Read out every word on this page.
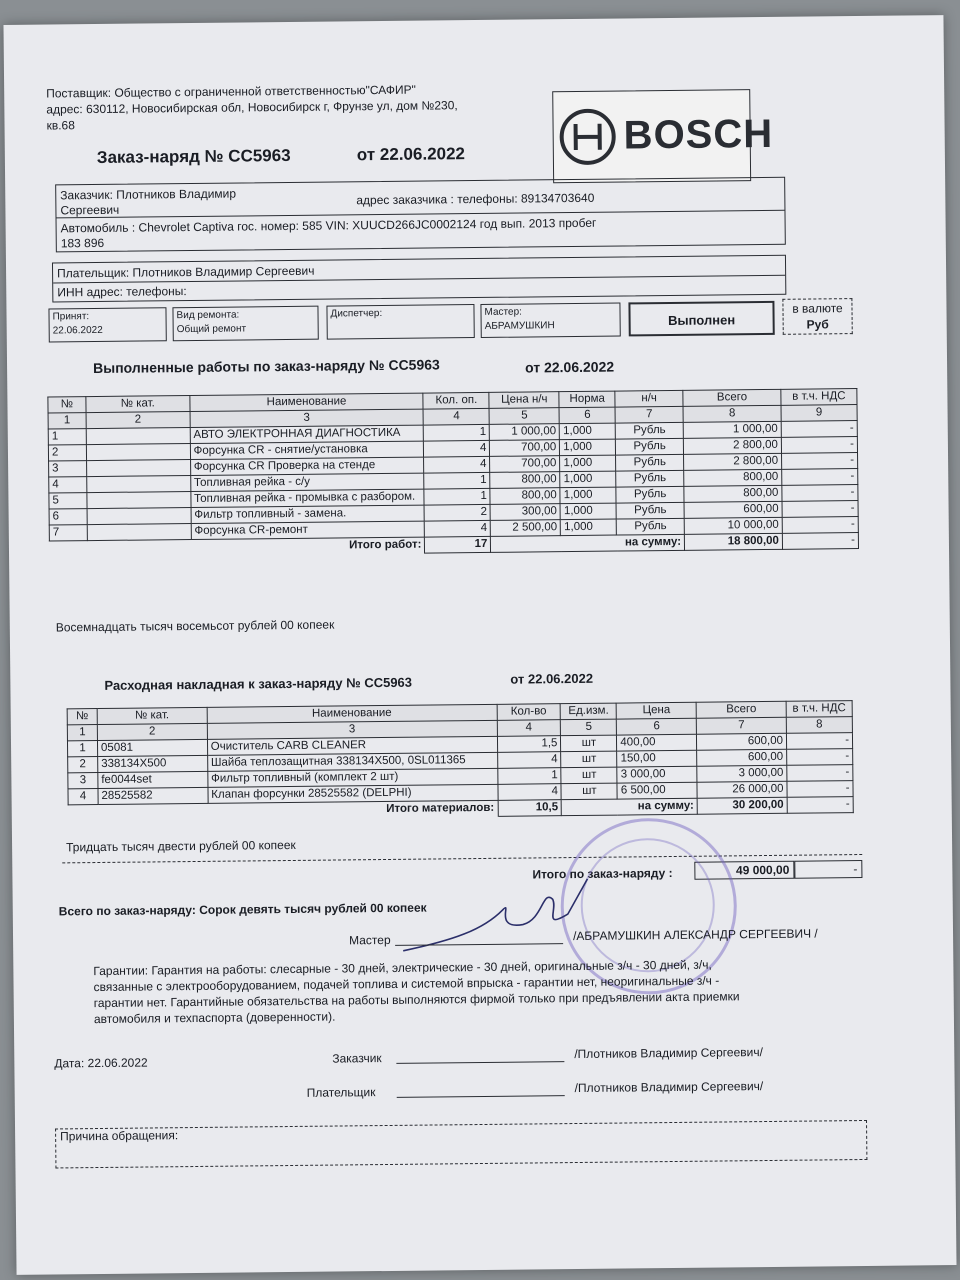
Поставщик: Общество с ограниченной ответственностью"САФИР"
адрес: 630112, Новосибирская обл, Новосибирск г, Фрунзе ул, дом №230,
кв.68	BOSCH
Заказ-наряд № СС5963	от 22.06.2022
Заказчик: Плотников Владимир
Сергеевич
адрес заказчика : телефоны: 89134703640
Автомобиль : Chevrolet Captiva гос. номер: 585 VIN: XUUCD266JC0002124 год вып. 2013 пробег
183 896
Плательщик: Плотников Владимир Сергеевич
ИНН адрес: телефоны:
Принят:
22.06.2022
Вид ремонта:
Общий ремонт
Диспетчер:	Мастер:
АБРАМУШКИН	Выполнен
в валюте
Руб
Выполненные работы по заказ-наряду № СС5963	от 22.06.2022
№	№ кат.	Наименование	Кол. оп.	Цена н/ч	Норма	н/ч	Всего	в т.ч. НДС
1	2	3	4	5	6	7	8	9
1		АВТО ЭЛЕКТРОННАЯ ДИАГНОСТИКА	1	1 000,00	1,000	Рубль	1 000,00	-
2		Форсунка CR - снятие/установка	4	700,00	1,000	Рубль	2 800,00	-
3		Форсунка CR Проверка на стенде	4	700,00	1,000	Рубль	2 800,00	-
4		Топливная рейка - с/у	1	800,00	1,000	Рубль	800,00	-
5		Топливная рейка - промывка с разбором.	1	800,00	1,000	Рубль	800,00	-
6		Фильтр топливный - замена.	2	300,00	1,000	Рубль	600,00	-
7		Форсунка CR-ремонт	4	2 500,00	1,000	Рубль	10 000,00	-
Итого работ:			17	на сумму:			18 800,00	-
Восемнадцать тысяч восемьсот рублей 00 копеек
Расходная накладная к заказ-наряду № СС5963	от 22.06.2022
№	№ кат.	Наименование	Кол-во	Ед.изм.	Цена	Всего	в т.ч. НДС
1	2	3	4	5	6	7	8
1	05081	Очиститель CARB CLEANER	1,5	шт	400,00	600,00	-
2	338134X500	Шайба теплозащитная 338134X500, 0SL011365	4	шт	150,00	600,00	-
3	fe0044set	Фильтр топливный (комплект 2 шт)	1	шт	3 000,00	3 000,00	-
4	28525582	Клапан форсунки 28525582 (DELPHI)	4	шт	6 500,00	26 000,00	-
Итого материалов:			10,5	на сумму:		30 200,00	-
Тридцать тысяч двести рублей 00 копеек
Итого по заказ-наряду :	49 000,00	-
Всего по заказ-наряду: Сорок девять тысяч рублей 00 копеек
Мастер	/АБРАМУШКИН АЛЕКСАНДР СЕРГЕЕВИЧ /
Гарантии: Гарантия на работы: слесарные - 30 дней, электрические - 30 дней, оригинальные з/ч - 30 дней, з/ч,
связанные с электрооборудованием, подачей топлива и системой впрыска - гарантии нет, неоригинальные з/ч -
гарантии нет. Гарантийные обязательства на работы выполняются фирмой только при предъявлении акта приемки
автомобиля и техпаспорта (доверенности).
Дата: 22.06.2022	Заказчик	/Плотников Владимир Сергеевич/
Плательщик	/Плотников Владимир Сергеевич/
Причина обращения:
